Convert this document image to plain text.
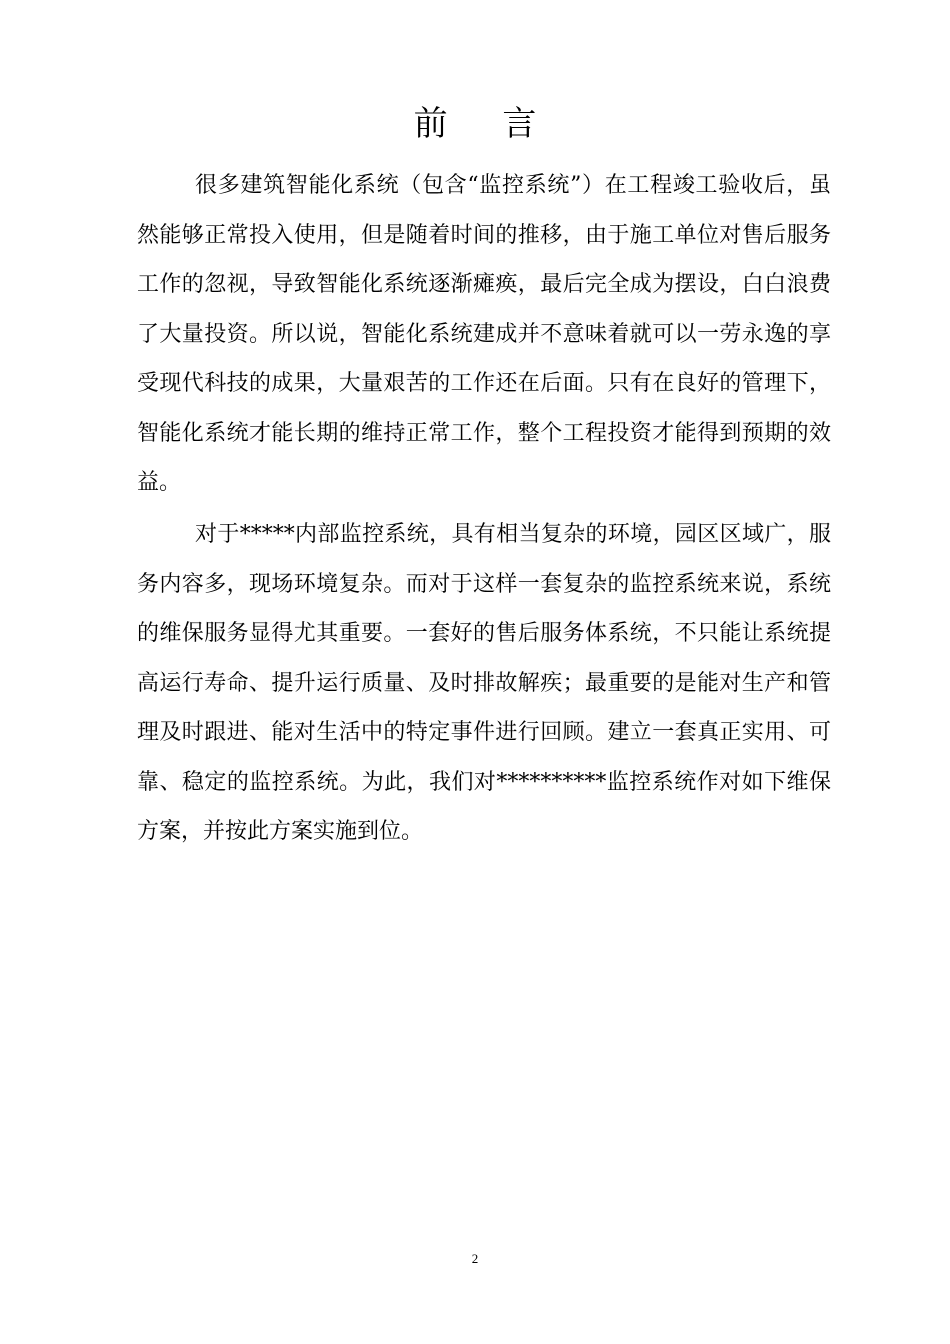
前 言

很多建筑智能化系统（包含“监控系统”）在工程竣工验收后，虽然能够正常投入使用，但是随着时间的推移，由于施工单位对售后服务工作的忽视，导致智能化系统逐渐瘫痪，最后完全成为摆设，白白浪费了大量投资。所以说，智能化系统建成并不意味着就可以一劳永逸的享受现代科技的成果，大量艰苦的工作还在后面。只有在良好的管理下，智能化系统才能长期的维持正常工作，整个工程投资才能得到预期的效益。

对于*****内部监控系统，具有相当复杂的环境，园区区域广，服务内容多，现场环境复杂。而对于这样一套复杂的监控系统来说，系统的维保服务显得尤其重要。一套好的售后服务体系统，不只能让系统提高运行寿命、提升运行质量、及时排故解疾；最重要的是能对生产和管理及时跟进、能对生活中的特定事件进行回顾。建立一套真正实用、可靠、稳定的监控系统。为此，我们对**********监控系统作对如下维保方案，并按此方案实施到位。

2
